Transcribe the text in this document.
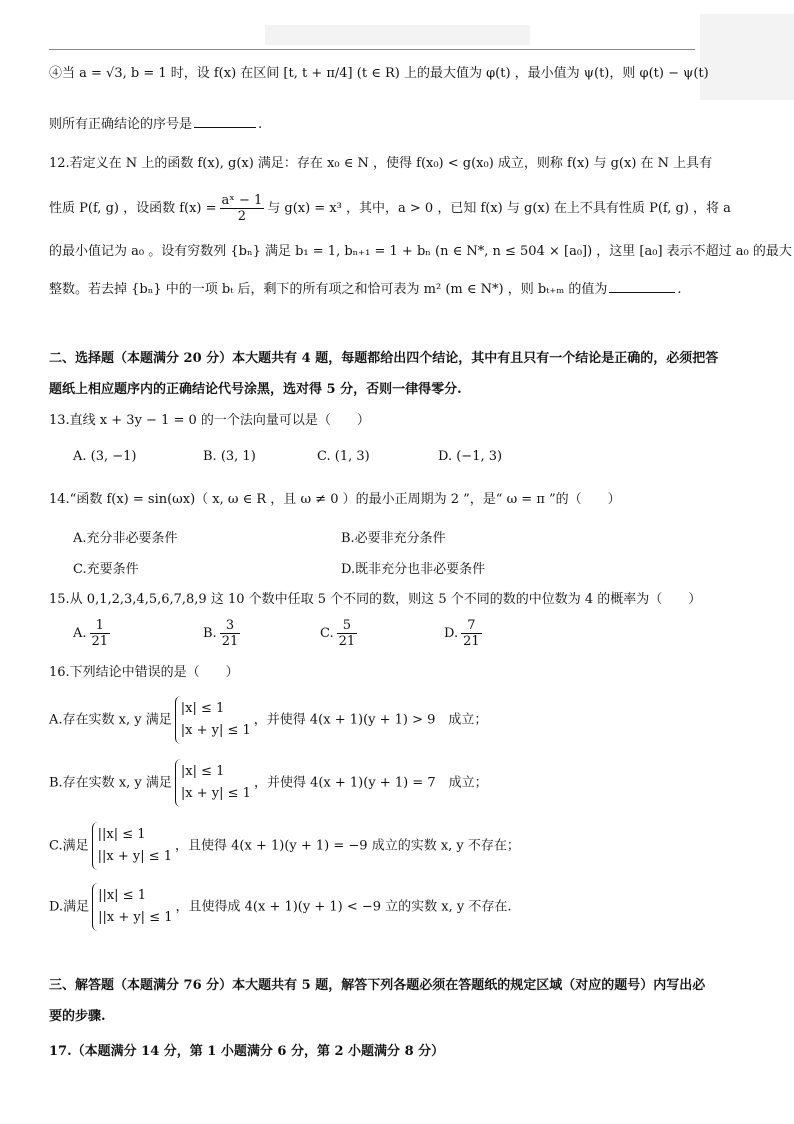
④当 a = √3, b = 1 时，设 f(x) 在区间 [t, t + π/4] (t ∈ R) 上的最大值为 φ(t) ，最小值为 ψ(t)，则 φ(t) − ψ(t)
则所有正确结论的序号是	.
12.若定义在 N 上的函数 f(x), g(x) 满足：存在 x₀ ∈ N ，使得 f(x₀) < g(x₀) 成立，则称 f(x) 与 g(x) 在 N 上具有
性质 P(f, g) ，设函数 $f(x) = \frac{\text{aˣ − 1}}{2}$ 与 g(x) = x³ ，其中，a > 0 ，已知 f(x) 与 g(x) 在上不具有性质 P(f, g) ，将 a
的最小值记为 a₀ 。设有穷数列 {bₙ} 满足 b₁ = 1, bₙ₊₁ = 1 + bₙ (n ∈ N*, n ≤ 504 × [a₀]) ，这里 [a₀] 表示不超过 a₀ 的最大
整数。若去掉 {bₙ} 中的一项 bₜ 后，剩下的所有项之和恰可表为 m² (m ∈ N*) ，则 bₜ₊ₘ 的值为	.
二、选择题（本题满分 20 分）本大题共有 4 题，每题都给出四个结论，其中有且只有一个结论是正确的，必须把答
题纸上相应题序内的正确结论代号涂黑，选对得 5 分，否则一律得零分.
13.直线 x + 3y − 1 = 0 的一个法向量可以是（　　）
A. (3, −1)	B. (3, 1)	C. (1, 3)	D. (−1, 3)
14.“函数 f(x) = sin(ωx)（ x, ω ∈ R ，且 ω ≠ 0 ）的最小正周期为 2 ”，是“ ω = π ”的（　　）
A.充分非必要条件	B.必要非充分条件
C.充要条件	D.既非充分也非必要条件
15.从 0,1,2,3,4,5,6,7,8,9 这 10 个数中任取 5 个不同的数，则这 5 个不同的数的中位数为 4 的概率为（　　）
A. $\frac{1}{21}$	B. $\frac{3}{21}$	C. $\frac{5}{21}$	D. $\frac{7}{21}$
16.下列结论中错误的是（　　）
A.存在实数 x, y 满足
|x| ≤ 1
|x + y| ≤ 1
，并使得 4(x + 1)(y + 1) > 9　成立；
B.存在实数 x, y 满足
|x| ≤ 1
|x + y| ≤ 1
，并使得 4(x + 1)(y + 1) = 7　成立；
C.满足
||x| ≤ 1
||x + y| ≤ 1
，且使得 4(x + 1)(y + 1) = −9 成立的实数 x, y 不存在；
D.满足
||x| ≤ 1
||x + y| ≤ 1
，且使得成 4(x + 1)(y + 1) < −9 立的实数 x, y 不存在.
三、解答题（本题满分 76 分）本大题共有 5 题，解答下列各题必须在答题纸的规定区域（对应的题号）内写出必
要的步骤.
17.（本题满分 14 分，第 1 小题满分 6 分，第 2 小题满分 8 分）
